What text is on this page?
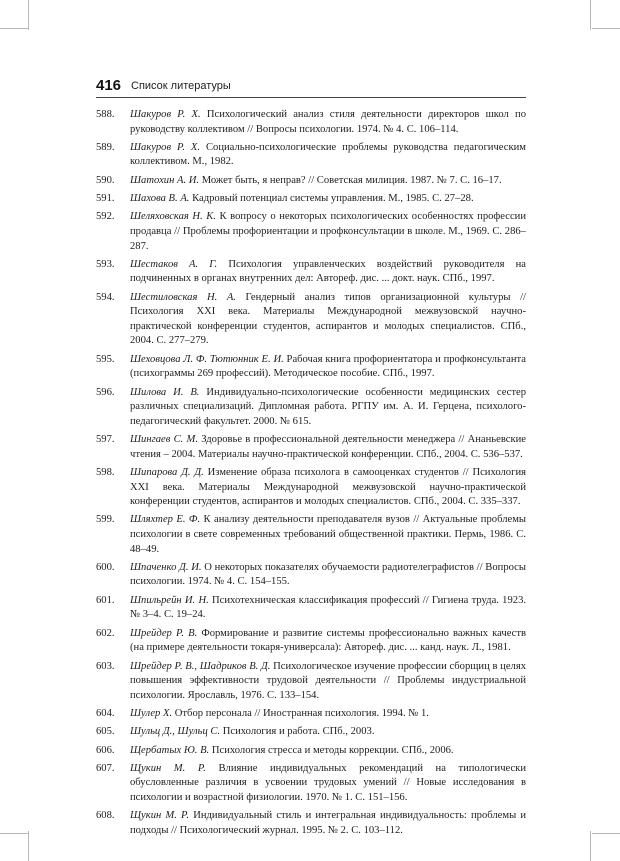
416 Список литературы
588.	Шакуров Р. Х. Психологический анализ стиля деятельности директоров школ по руководству коллективом // Вопросы психологии. 1974. № 4. С. 106–114.
589.	Шакуров Р. Х. Социально-психологические проблемы руководства педагогическим коллективом. М., 1982.
590.	Шатохин А. И. Может быть, я неправ? // Советская милиция. 1987. № 7. С. 16–17.
591.	Шахова В. А. Кадровый потенциал системы управления. М., 1985. С. 27–28.
592.	Шеляховская Н. К. К вопросу о некоторых психологических особенностях профессии продавца // Проблемы профориентации и профконсультации в школе. М., 1969. С. 286–287.
593.	Шестаков А. Г. Психология управленческих воздействий руководителя на подчиненных в органах внутренних дел: Автореф. дис. ... докт. наук. СПб., 1997.
594.	Шестиловская Н. А. Гендерный анализ типов организационной культуры // Психология XXI века. Материалы Международной межвузовской научно-практической конференции студентов, аспирантов и молодых специалистов. СПб., 2004. С. 277–279.
595.	Шеховцова Л. Ф. Тютюнник Е. И. Рабочая книга профориентатора и профконсультанта (психограммы 269 профессий). Методическое пособие. СПб., 1997.
596.	Шилова И. В. Индивидуально-психологические особенности медицинских сестер различных специализаций. Дипломная работа. РГПУ им. А. И. Герцена, психолого-педагогический факультет. 2000. № 615.
597.	Шингаев С. М. Здоровье в профессиональной деятельности менеджера // Ананьевские чтения – 2004. Материалы научно-практической конференции. СПб., 2004. С. 536–537.
598.	Шипарова Д. Д. Изменение образа психолога в самооценках студентов // Психология XXI века. Материалы Международной межвузовской научно-практической конференции студентов, аспирантов и молодых специалистов. СПб., 2004. С. 335–337.
599.	Шляхтер Е. Ф. К анализу деятельности преподавателя вузов // Актуальные проблемы психологии в свете современных требований общественной практики. Пермь, 1986. С. 48–49.
600.	Шпаченко Д. И. О некоторых показателях обучаемости радиотелеграфистов // Вопросы психологии. 1974. № 4. С. 154–155.
601.	Шпильрейн И. Н. Психотехническая классификация профессий // Гигиена труда. 1923. № 3–4. С. 19–24.
602.	Шрейдер Р. В. Формирование и развитие системы профессионально важных качеств (на примере деятельности токаря-универсала): Автореф. дис. ... канд. наук. Л., 1981.
603.	Шрейдер Р. В., Шадриков В. Д. Психологическое изучение профессии сборщиц в целях повышения эффективности трудовой деятельности // Проблемы индустриальной психологии. Ярославль, 1976. С. 133–154.
604.	Шулер Х. Отбор персонала // Иностранная психология. 1994. № 1.
605.	Шульц Д., Шульц С. Психология и работа. СПб., 2003.
606.	Щербатых Ю. В. Психология стресса и методы коррекции. СПб., 2006.
607.	Щукин М. Р. Влияние индивидуальных рекомендаций на типологически обусловленные различия в усвоении трудовых умений // Новые исследования в психологии и возрастной физиологии. 1970. № 1. С. 151–156.
608.	Щукин М. Р. Индивидуальный стиль и интегральная индивидуальность: проблемы и подходы // Психологический журнал. 1995. № 2. С. 103–112.
